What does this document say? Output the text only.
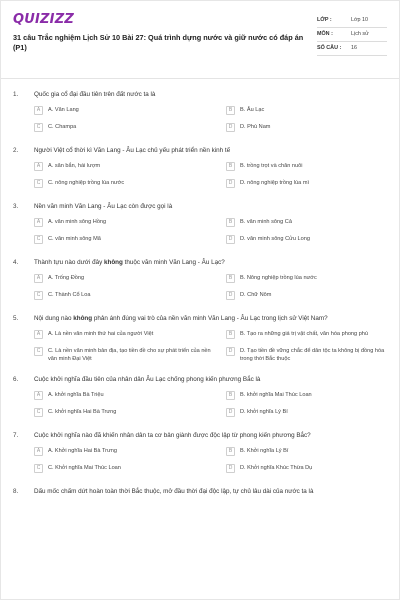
QUIZIZZ
31 câu Trắc nghiệm Lịch Sử 10 Bài 27: Quá trình dựng nước và giữ nước có đáp án (P1)
LỚP :	Lớp 10
MÔN :	Lịch sử
SỐ CÂU :	16
1.	Quốc gia cổ đại đầu tiên trên đất nước ta là
A	A. Văn Lang	B	B. Âu Lạc
C	C. Champa	D	D. Phù Nam
2.	Người Việt cổ thời kì Văn Lang - Âu Lạc chủ yếu phát triển nền kinh tế
A	A. săn bắn, hái lượm	B	B. trồng trọt và chăn nuôi
C	C. nông nghiệp trồng lúa nước	D	D. nông nghiệp trồng lúa mì
3.	Nền văn minh Văn Lang - Âu Lạc còn được gọi là
A	A. văn minh sông Hồng	B	B. văn minh sông Cả
C	C. văn minh sông Mã	D	D. văn minh sông Cửu Long
4.	Thành tựu nào dưới đây không thuộc văn minh Văn Lang - Âu Lạc?
A	A. Trống Đồng	B	B. Nông nghiệp trồng lúa nước
C	C. Thành Cổ Loa	D	D. Chữ Nôm
5.	Nội dung nào không phản ánh đúng vai trò của nền văn minh Văn Lang - Âu Lạc trong lịch sử Việt Nam?
A	A. Là nền văn minh thứ hai của người Việt	B	B. Tạo ra những giá trị vật chất, văn hóa phong phú
C	C. Là nền văn minh bản địa, tạo tiền đề cho sự phát triển của nền văn minh Đại Việt
D	D. Tạo tiền đề vững chắc để dân tộc ta không bị đồng hóa trong thời Bắc thuộc
6.	Cuộc khởi nghĩa đầu tiên của nhân dân Âu Lạc chống phong kiến phương Bắc là
A	A. khởi nghĩa Bà Triệu	B	B. khởi nghĩa Mai Thúc Loan
C	C. khởi nghĩa Hai Bà Trưng	D	D. khởi nghĩa Lý Bí
7.	Cuộc khởi nghĩa nào đã khiến nhân dân ta cơ bản giành được độc lập từ phong kiến phương Bắc?
A	A. Khởi nghĩa Hai Bà Trưng	B	B. Khởi nghĩa Lý Bí
C	C. Khởi nghĩa Mai Thúc Loan	D	D. Khởi nghĩa Khúc Thừa Dụ
8.	Dấu mốc chấm dứt hoàn toàn thời Bắc thuộc, mở đầu thời đại độc lập, tự chủ lâu dài của nước ta là
